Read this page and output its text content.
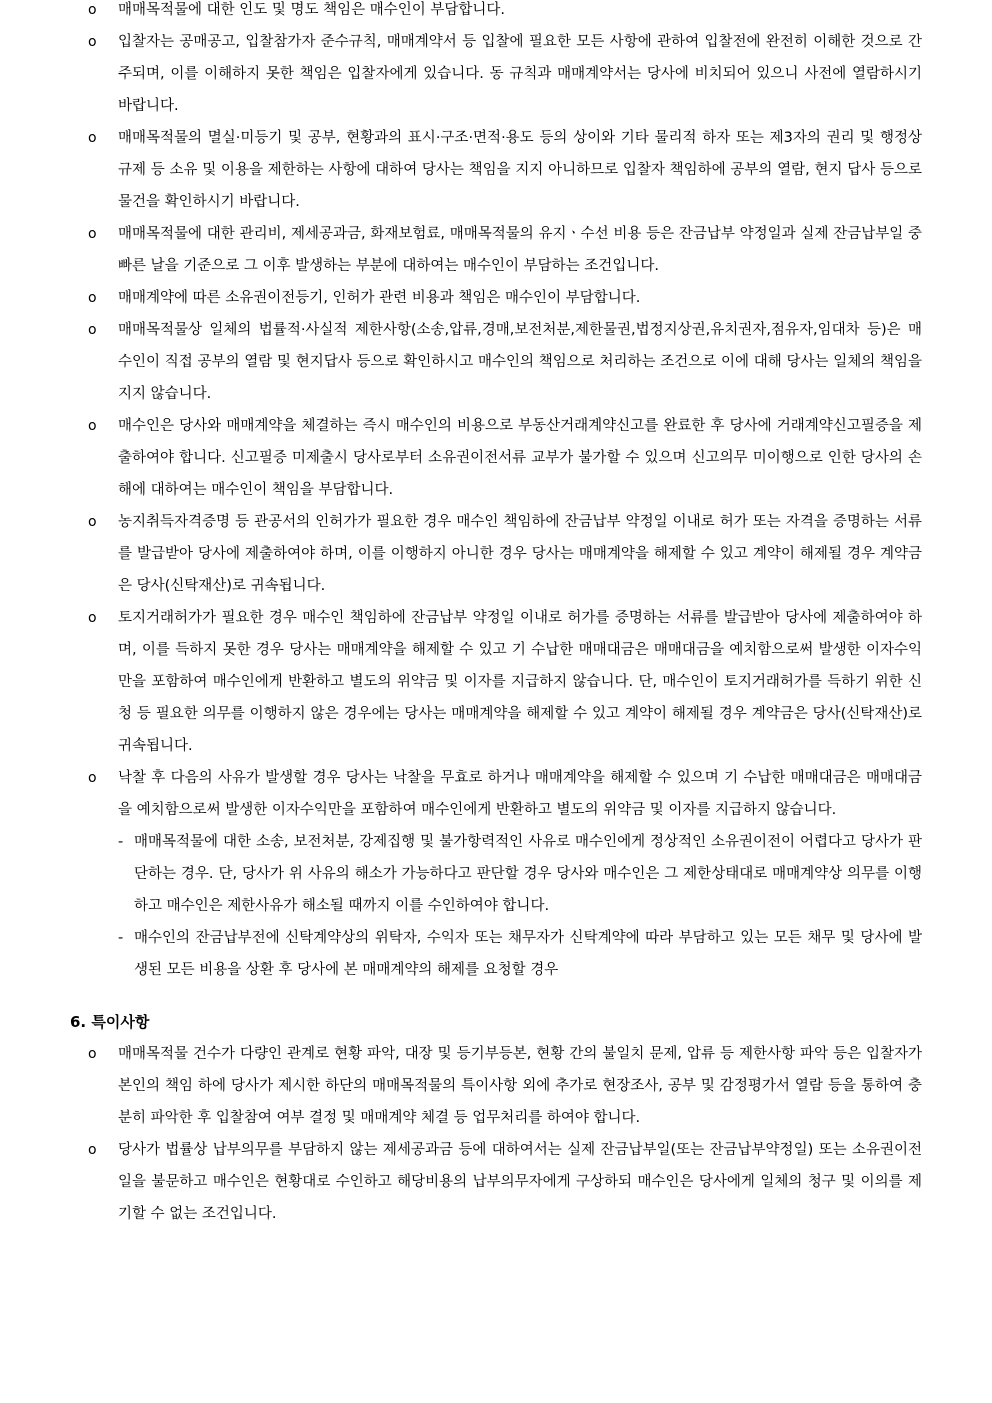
o	매매목적물에 대한 인도 및 명도 책임은 매수인이 부담합니다.
o	입찰자는 공매공고, 입찰참가자 준수규칙, 매매계약서 등 입찰에 필요한 모든 사항에 관하여 입찰전에 완전히 이해한 것으로 간주되며, 이를 이해하지 못한 책임은 입찰자에게 있습니다. 동 규칙과 매매계약서는 당사에 비치되어 있으니 사전에 열람하시기 바랍니다.
o	매매목적물의 멸실·미등기 및 공부, 현황과의 표시·구조·면적·용도 등의 상이와 기타 물리적 하자 또는 제3자의 권리 및 행정상 규제 등 소유 및 이용을 제한하는 사항에 대하여 당사는 책임을 지지 아니하므로 입찰자 책임하에 공부의 열람, 현지 답사 등으로 물건을 확인하시기 바랍니다.
o	매매목적물에 대한 관리비, 제세공과금, 화재보험료, 매매목적물의 유지ㆍ수선 비용 등은 잔금납부 약정일과 실제 잔금납부일 중 빠른 날을 기준으로 그 이후 발생하는 부분에 대하여는 매수인이 부담하는 조건입니다.
o	매매계약에 따른 소유권이전등기, 인허가 관련 비용과 책임은 매수인이 부담합니다.
o	매매목적물상 일체의 법률적·사실적 제한사항(소송,압류,경매,보전처분,제한물권,법정지상권,유치권자,점유자,임대차 등)은 매수인이 직접 공부의 열람 및 현지답사 등으로 확인하시고 매수인의 책임으로 처리하는 조건으로 이에 대해 당사는 일체의 책임을 지지 않습니다.
o	매수인은 당사와 매매계약을 체결하는 즉시 매수인의 비용으로 부동산거래계약신고를 완료한 후 당사에 거래계약신고필증을 제출하여야 합니다. 신고필증 미제출시 당사로부터 소유권이전서류 교부가 불가할 수 있으며 신고의무 미이행으로 인한 당사의 손해에 대하여는 매수인이 책임을 부담합니다.
o	농지취득자격증명 등 관공서의 인허가가 필요한 경우 매수인 책임하에 잔금납부 약정일 이내로 허가 또는 자격을 증명하는 서류를 발급받아 당사에 제출하여야 하며, 이를 이행하지 아니한 경우 당사는 매매계약을 해제할 수 있고 계약이 해제될 경우 계약금은 당사(신탁재산)로 귀속됩니다.
o	토지거래허가가 필요한 경우 매수인 책임하에 잔금납부 약정일 이내로 허가를 증명하는 서류를 발급받아 당사에 제출하여야 하며, 이를 득하지 못한 경우 당사는 매매계약을 해제할 수 있고 기 수납한 매매대금은 매매대금을 예치함으로써 발생한 이자수익만을 포함하여 매수인에게 반환하고 별도의 위약금 및 이자를 지급하지 않습니다. 단, 매수인이 토지거래허가를 득하기 위한 신청 등 필요한 의무를 이행하지 않은 경우에는 당사는 매매계약을 해제할 수 있고 계약이 해제될 경우 계약금은 당사(신탁재산)로 귀속됩니다.
o	낙찰 후 다음의 사유가 발생할 경우 당사는 낙찰을 무효로 하거나 매매계약을 해제할 수 있으며 기 수납한 매매대금은 매매대금을 예치함으로써 발생한 이자수익만을 포함하여 매수인에게 반환하고 별도의 위약금 및 이자를 지급하지 않습니다.
- 매매목적물에 대한 소송, 보전처분, 강제집행 및 불가항력적인 사유로 매수인에게 정상적인 소유권이전이 어렵다고 당사가 판단하는 경우. 단, 당사가 위 사유의 해소가 가능하다고 판단할 경우 당사와 매수인은 그 제한상태대로 매매계약상 의무를 이행하고 매수인은 제한사유가 해소될 때까지 이를 수인하여야 합니다.
- 매수인의 잔금납부전에 신탁계약상의 위탁자, 수익자 또는 채무자가 신탁계약에 따라 부담하고 있는 모든 채무 및 당사에 발생된 모든 비용을 상환 후 당사에 본 매매계약의 해제를 요청할 경우
6. 특이사항
o	매매목적물 건수가 다량인 관계로 현황 파악, 대장 및 등기부등본, 현황 간의 불일치 문제, 압류 등 제한사항 파악 등은 입찰자가 본인의 책임 하에 당사가 제시한 하단의 매매목적물의 특이사항 외에 추가로 현장조사, 공부 및 감정평가서 열람 등을 통하여 충분히 파악한 후 입찰참여 여부 결정 및 매매계약 체결 등 업무처리를 하여야 합니다.
o	당사가 법률상 납부의무를 부담하지 않는 제세공과금 등에 대하여서는 실제 잔금납부일(또는 잔금납부약정일) 또는 소유권이전일을 불문하고 매수인은 현황대로 수인하고 해당비용의 납부의무자에게 구상하되 매수인은 당사에게 일체의 청구 및 이의를 제기할 수 없는 조건입니다.
